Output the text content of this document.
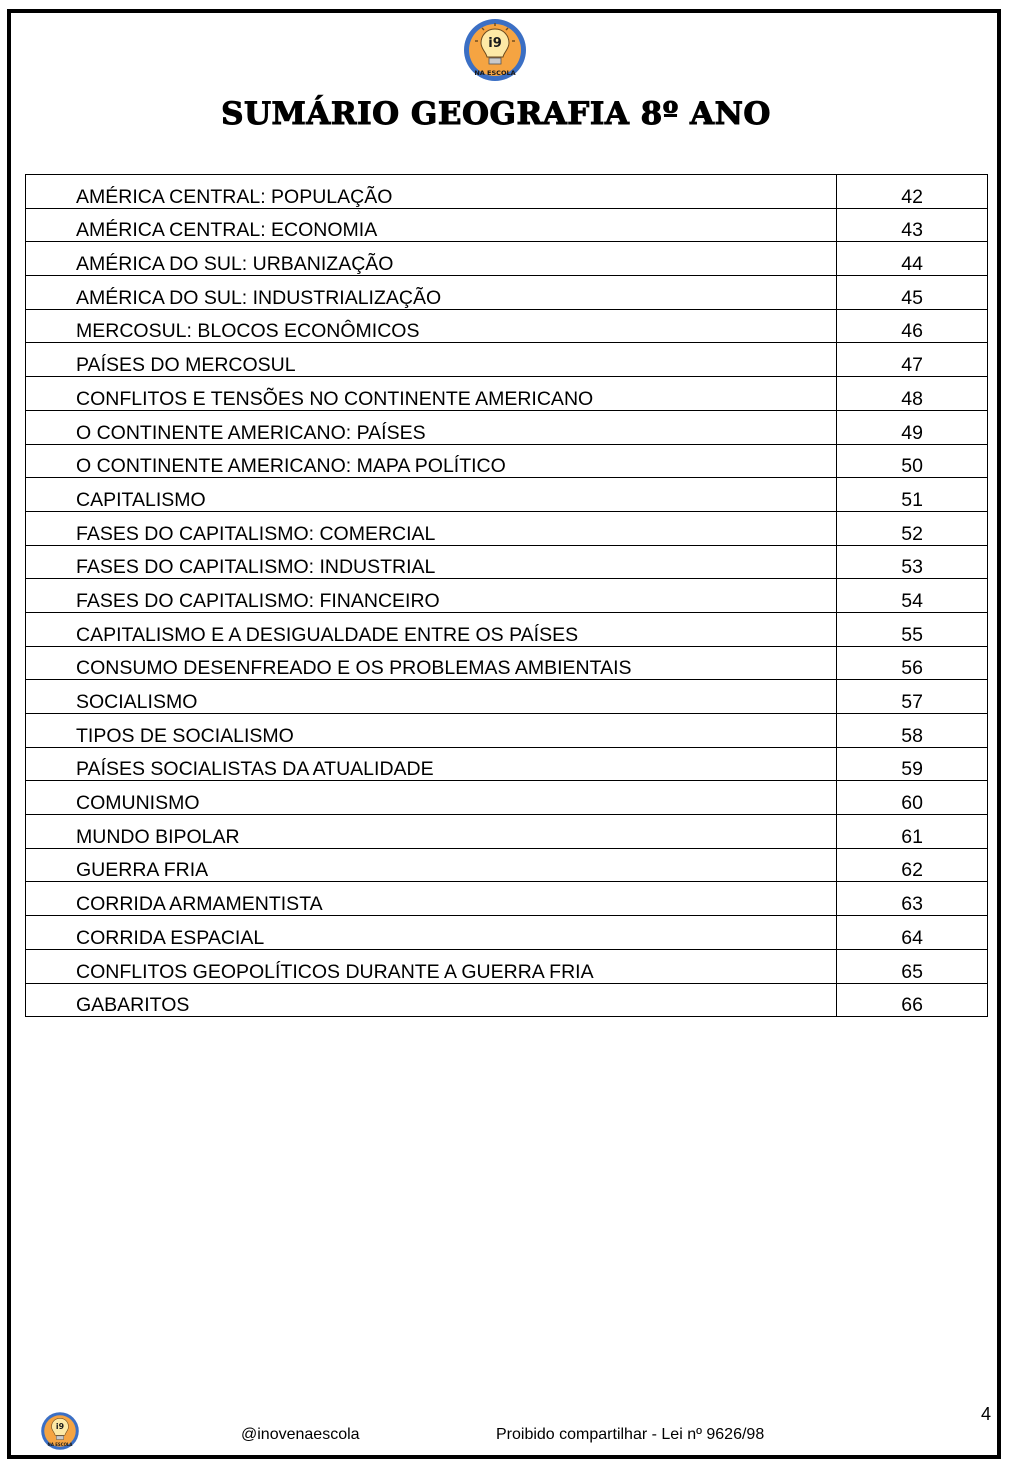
i9
NA ESCOLA
SUMÁRIO GEOGRAFIA 8º ANO
AMÉRICA CENTRAL: POPULAÇÃO	42
AMÉRICA CENTRAL: ECONOMIA	43
AMÉRICA DO SUL: URBANIZAÇÃO	44
AMÉRICA DO SUL: INDUSTRIALIZAÇÃO	45
MERCOSUL: BLOCOS ECONÔMICOS	46
PAÍSES DO MERCOSUL	47
CONFLITOS E TENSÕES NO CONTINENTE AMERICANO	48
O CONTINENTE AMERICANO: PAÍSES	49
O CONTINENTE AMERICANO: MAPA POLÍTICO	50
CAPITALISMO	51
FASES DO CAPITALISMO: COMERCIAL	52
FASES DO CAPITALISMO: INDUSTRIAL	53
FASES DO CAPITALISMO: FINANCEIRO	54
CAPITALISMO E A DESIGUALDADE ENTRE OS PAÍSES	55
CONSUMO DESENFREADO E OS PROBLEMAS AMBIENTAIS	56
SOCIALISMO	57
TIPOS DE SOCIALISMO	58
PAÍSES SOCIALISTAS DA ATUALIDADE	59
COMUNISMO	60
MUNDO BIPOLAR	61
GUERRA FRIA	62
CORRIDA ARMAMENTISTA	63
CORRIDA ESPACIAL	64
CONFLITOS GEOPOLÍTICOS DURANTE A GUERRA FRIA	65
GABARITOS	66
i9
NA ESCOLA
@inovenaescola	Proibido compartilhar - Lei nº 9626/98
4
